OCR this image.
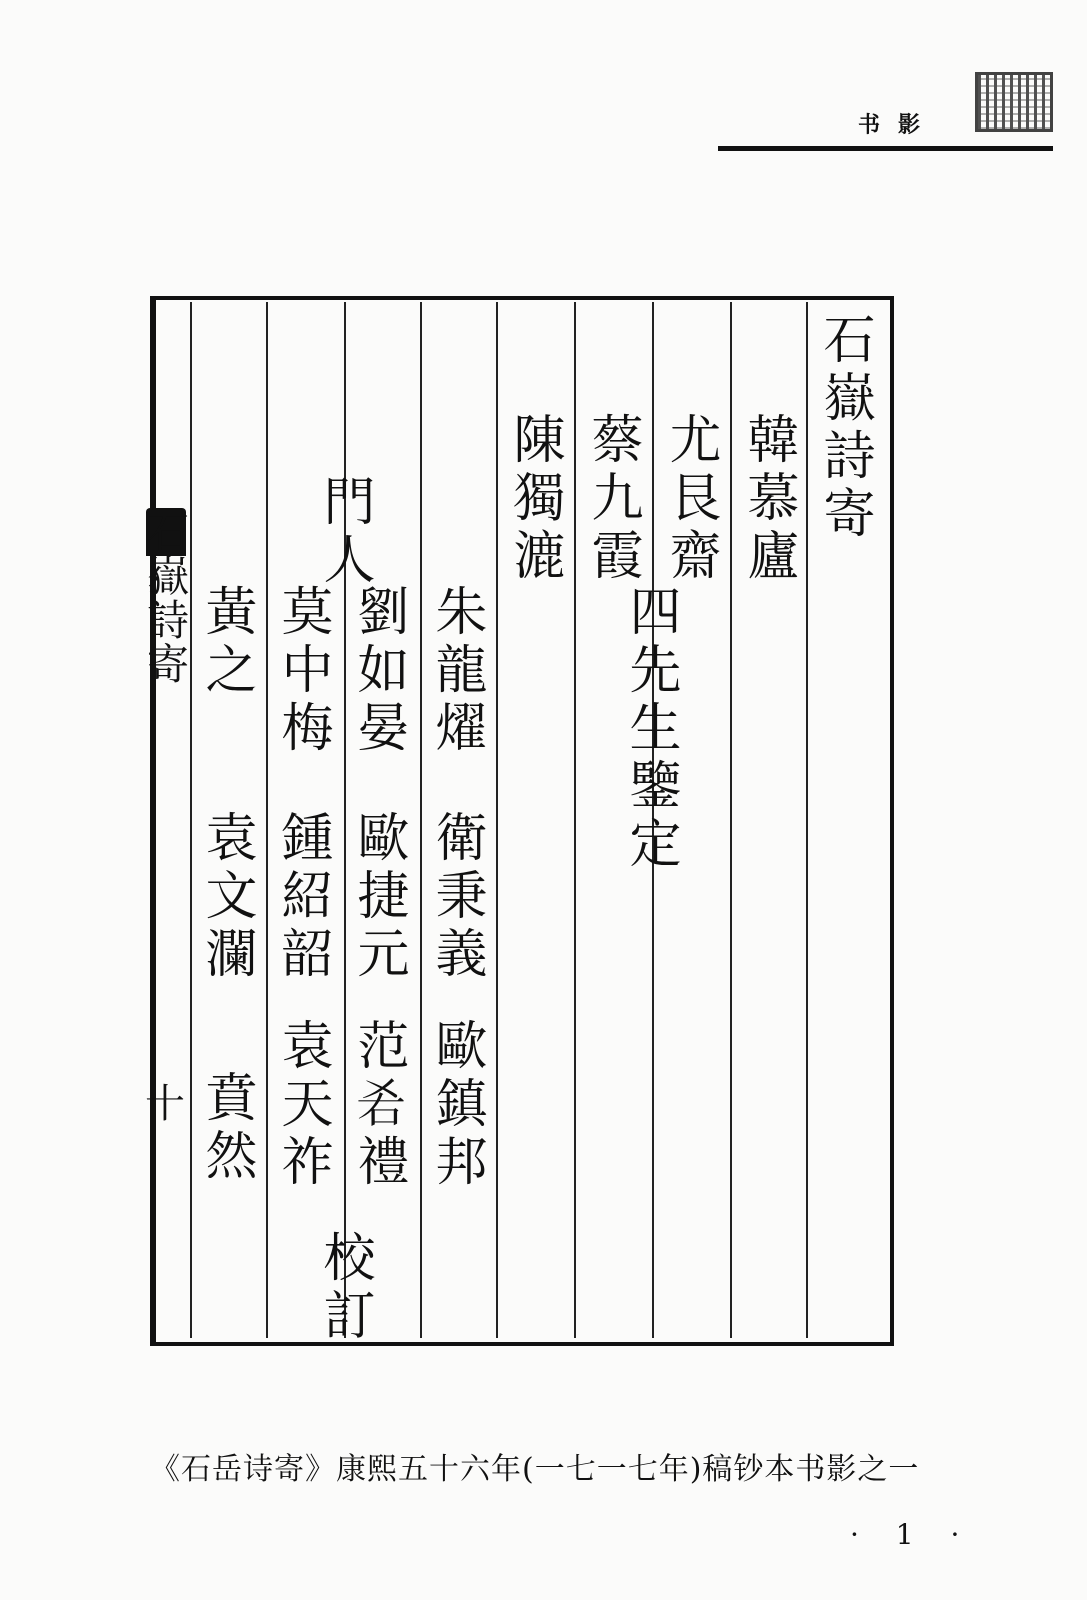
书影
石嶽詩寄
韓慕廬
尤艮齋
蔡九霞
陳獨漉
四先生鑒定
門人
朱龍燿
劉如晏
莫中梅
黃之
衛秉義
歐捷元
鍾紹韶
袁文瀾
歐鎮邦
范𠯌禮
袁天祚
賁然
校訂
石嶽詩寄
十
《石岳诗寄》康熙五十六年(一七一七年)稿钞本书影之一
· 1 ·
